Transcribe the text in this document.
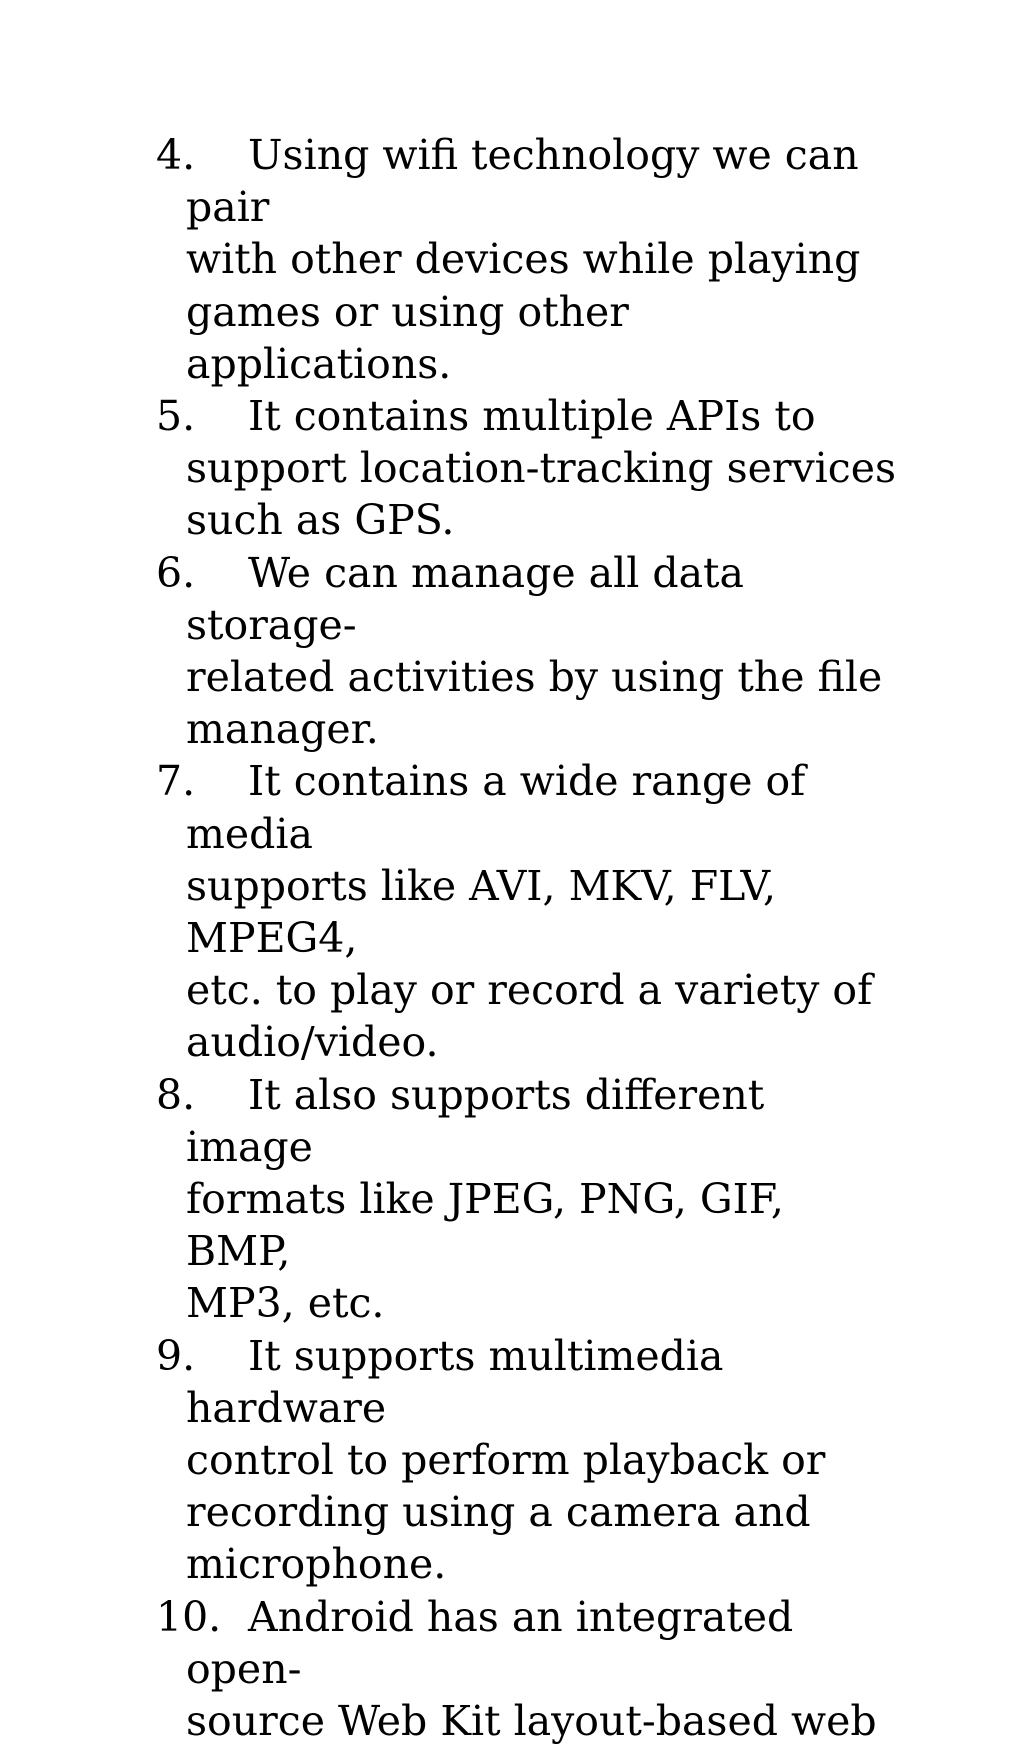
4.	Using wifi technology we can pair
with other devices while playing
games or using other applications.
5.	It contains multiple APIs to
support location-tracking services
such as GPS.
6.	We can manage all data storage-
related activities by using the file
manager.
7.	It contains a wide range of media
supports like AVI, MKV, FLV, MPEG4,
etc. to play or record a variety of
audio/video.
8.	It also supports different image
formats like JPEG, PNG, GIF, BMP,
MP3, etc.
9.	It supports multimedia hardware
control to perform playback or
recording using a camera and
microphone.
10. Android has an integrated open-
source Web Kit layout-based web
